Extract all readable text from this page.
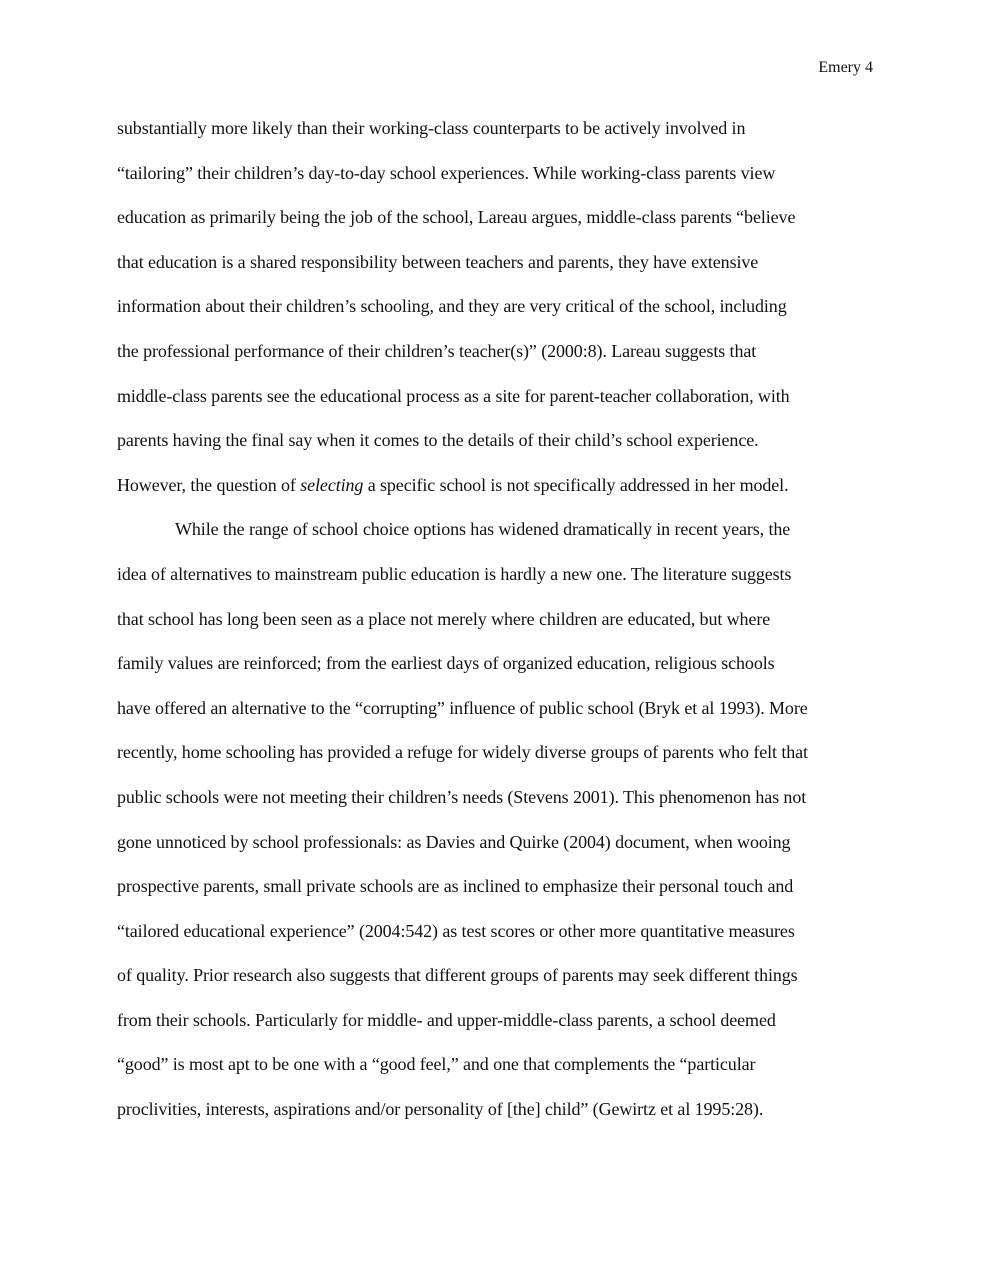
Emery 4
substantially more likely than their working-class counterparts to be actively involved in
“tailoring” their children’s day-to-day school experiences. While working-class parents view
education as primarily being the job of the school, Lareau argues, middle-class parents “believe
that education is a shared responsibility between teachers and parents, they have extensive
information about their children’s schooling, and they are very critical of the school, including
the professional performance of their children’s teacher(s)” (2000:8). Lareau suggests that
middle-class parents see the educational process as a site for parent-teacher collaboration, with
parents having the final say when it comes to the details of their child’s school experience.
However, the question of selecting a specific school is not specifically addressed in her model.
While the range of school choice options has widened dramatically in recent years, the
idea of alternatives to mainstream public education is hardly a new one. The literature suggests
that school has long been seen as a place not merely where children are educated, but where
family values are reinforced; from the earliest days of organized education, religious schools
have offered an alternative to the “corrupting” influence of public school (Bryk et al 1993). More
recently, home schooling has provided a refuge for widely diverse groups of parents who felt that
public schools were not meeting their children’s needs (Stevens 2001). This phenomenon has not
gone unnoticed by school professionals: as Davies and Quirke (2004) document, when wooing
prospective parents, small private schools are as inclined to emphasize their personal touch and
“tailored educational experience” (2004:542) as test scores or other more quantitative measures
of quality. Prior research also suggests that different groups of parents may seek different things
from their schools. Particularly for middle- and upper-middle-class parents, a school deemed
“good” is most apt to be one with a “good feel,” and one that complements the “particular
proclivities, interests, aspirations and/or personality of [the] child” (Gewirtz et al 1995:28).
